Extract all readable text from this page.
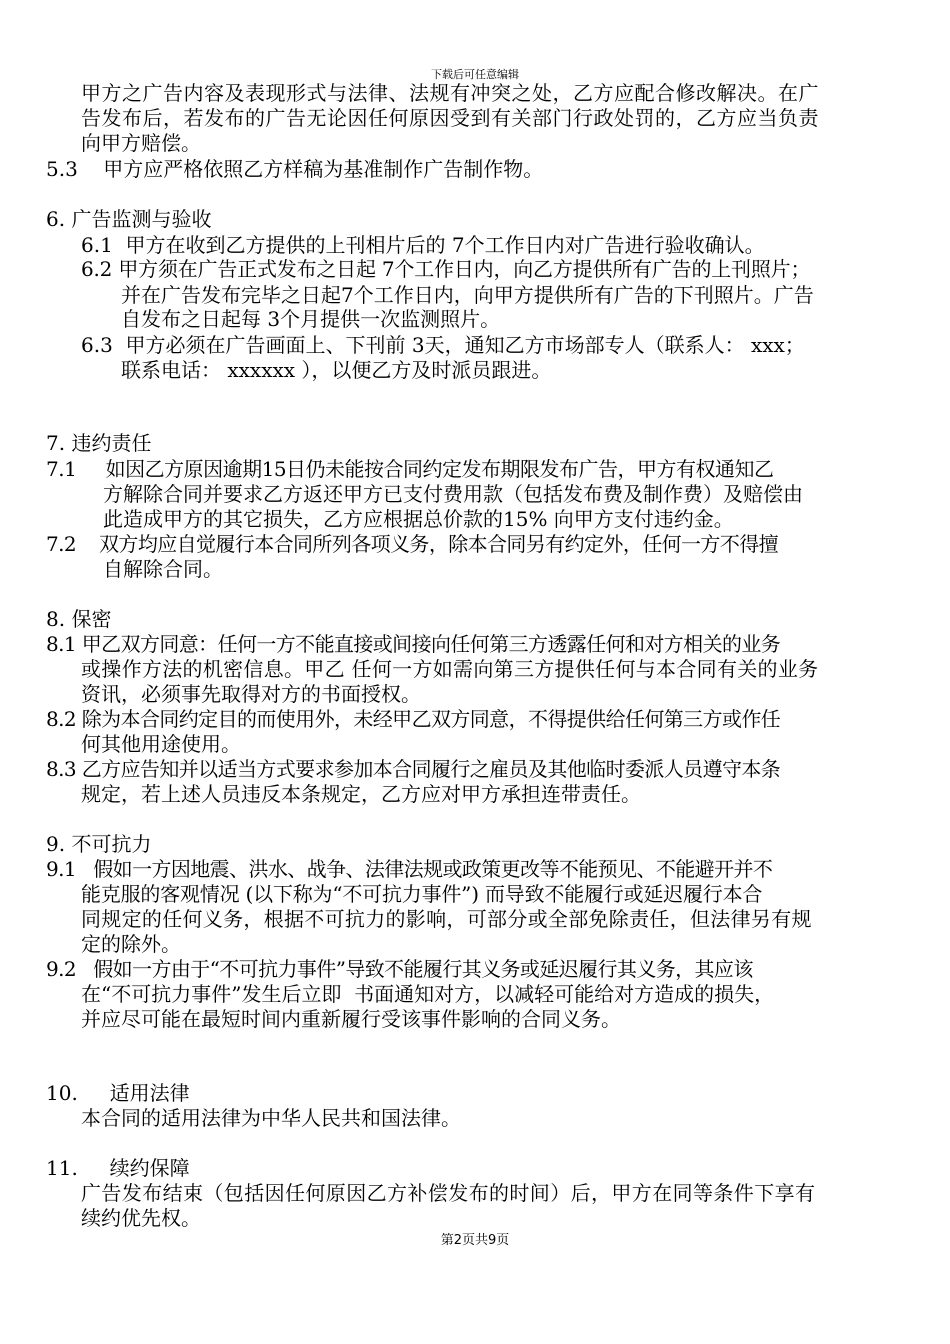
下载后可任意编辑
甲方之广告内容及表现形式与法律、法规有冲突之处，乙方应配合修改解决。在广
告发布后，若发布的广告无论因任何原因受到有关部门行政处罚的，乙方应当负责
向甲方赔偿。
5.3    甲方应严格依照乙方样稿为基准制作广告制作物。
6. 广告监测与验收
6.1  甲方在收到乙方提供的上刊相片后的 7个工作日内对广告进行验收确认。
6.2 甲方须在广告正式发布之日起 7个工作日内，向乙方提供所有广告的上刊照片；
并在广告发布完毕之日起7个工作日内，向甲方提供所有广告的下刊照片。广告
自发布之日起每 3个月提供一次监测照片。
6.3  甲方必须在广告画面上、下刊前 3天，通知乙方市场部专人（联系人： xxx；
联系电话： xxxxxx ），以便乙方及时派员跟进。
7. 违约责任
7.1     如因乙方原因逾期15日仍未能按合同约定发布期限发布广告，甲方有权通知乙
方解除合同并要求乙方返还甲方已支付费用款（包括发布费及制作费）及赔偿由
此造成甲方的其它损失，乙方应根据总价款的15% 向甲方支付违约金。
7.2    双方均应自觉履行本合同所列各项义务，除本合同另有约定外，任何一方不得擅
自解除合同。
8. 保密
8.1 甲乙双方同意：任何一方不能直接或间接向任何第三方透露任何和对方相关的业务
或操作方法的机密信息。甲乙 任何一方如需向第三方提供任何与本合同有关的业务
资讯，必须事先取得对方的书面授权。
8.2 除为本合同约定目的而使用外，未经甲乙双方同意，不得提供给任何第三方或作任
何其他用途使用。
8.3 乙方应告知并以适当方式要求参加本合同履行之雇员及其他临时委派人员遵守本条
规定，若上述人员违反本条规定，乙方应对甲方承担连带责任。
9. 不可抗力
9.1   假如一方因地震、洪水、战争、法律法规或政策更改等不能预见、不能避开并不
能克服的客观情况 (以下称为“不可抗力事件”) 而导致不能履行或延迟履行本合
同规定的任何义务，根据不可抗力的影响，可部分或全部免除责任，但法律另有规
定的除外。
9.2   假如一方由于“不可抗力事件”导致不能履行其义务或延迟履行其义务，其应该
在“不可抗力事件”发生后立即  书面通知对方，以减轻可能给对方造成的损失，
并应尽可能在最短时间内重新履行受该事件影响的合同义务。
10.     适用法律
本合同的适用法律为中华人民共和国法律。
11.     续约保障
广告发布结束（包括因任何原因乙方补偿发布的时间）后，甲方在同等条件下享有
续约优先权。
第2页共9页
